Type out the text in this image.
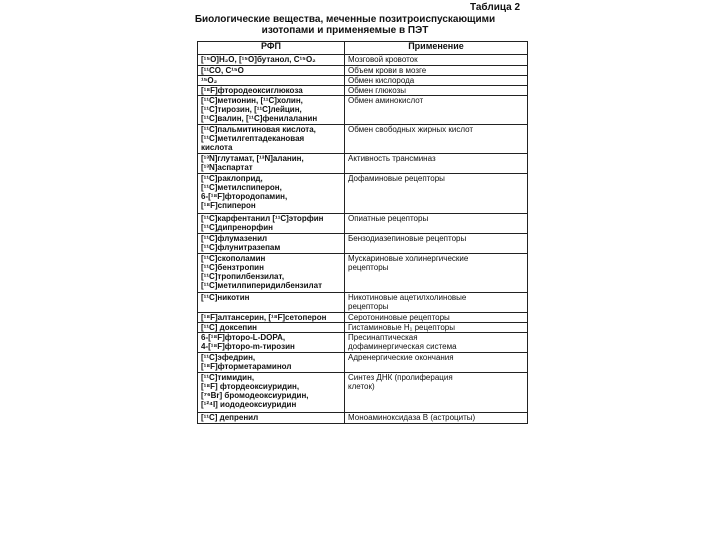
Таблица 2
Биологические вещества, меченные позитроиспускающими
изотопами и применяемые в ПЭТ
РФП	Применение
[¹⁵O]H₂O, [¹⁵O]бутанол, C¹⁵O₂	Мозговой кровоток
[¹¹CO, C¹⁵O	Объем крови в мозге
¹⁵O₂	Обмен кислорода
[¹⁸F]фтородеоксиглюкоза	Обмен глюкозы
[¹¹C]метионин, [¹¹C]холин,
[¹¹C]тирозин, [¹¹C]лейцин,
[¹¹C]валин, [¹¹C]фенилаланин	Обмен аминокислот
[¹¹C]пальмитиновая кислота,
[¹¹C]метилгептадекановая
кислота	Обмен свободных жирных кислот
[¹³N]глутамат, [¹³N]аланин,
[¹³N]аспартат	Активность трансминаз
[¹¹C]раклоприд,
[¹¹C]метилспиперон,
6-[¹⁸F]фтородопамин,
[¹⁸F]спиперон	Дофаминовые рецепторы
[¹¹C]карфентанил [¹¹C]эторфин
[¹¹C]дипренорфин	Опиатные рецепторы
[¹¹C]флумазенил
[¹¹C]флунитразепам	Бензодиазепиновые рецепторы
[¹¹C]скополамин
[¹¹C]бензтропин
[¹¹C]тропилбензилат,
[¹¹C]метилпиперидилбензилат	Мускариновые холинергические
рецепторы
[¹¹C]никотин	Никотиновые ацетилхолиновые
рецепторы
[¹⁸F]алтансерин, [¹⁸F]сетоперон	Серотониновые рецепторы
[¹¹C] доксепин	Гистаминовые H₁ рецепторы
6-[¹⁸F]фторо-L-DOPA,
4-[¹⁸F]фторо-m-тирозин	Пресинаптическая
дофаминергическая система
[¹¹C]эфедрин,
[¹⁸F]фторметараминол	Адренергические окончания
[¹¹C]тимидин,
[¹⁸F] фтордеоксиуридин,
[⁷⁶Br] бромодеоксиуридин,
[¹²⁴I] иододеоксиуридин	Синтез ДНК (пролиферация
клеток)
[¹¹C] депренил	Моноаминоксидаза В (астроциты)
